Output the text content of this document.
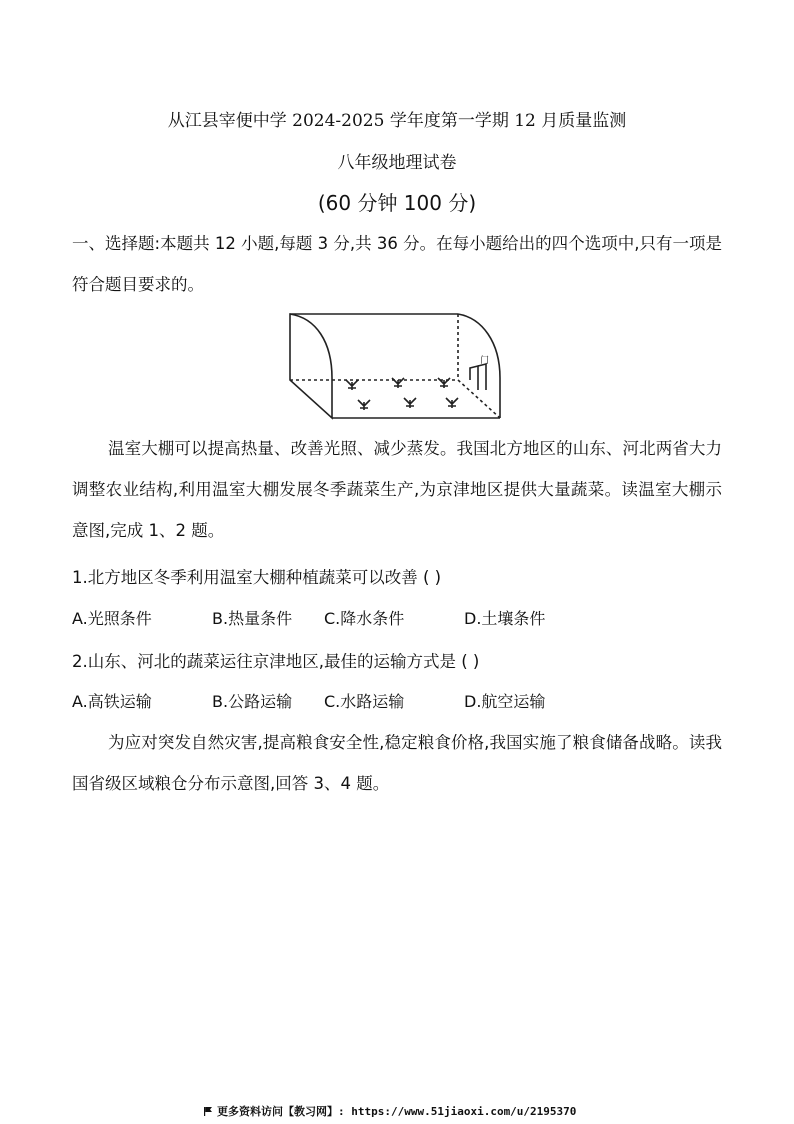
从江县宰便中学 2024-2025 学年度第一学期 12 月质量监测
八年级地理试卷
(60 分钟 100 分)
一、选择题:本题共 12 小题,每题 3 分,共 36 分。在每小题给出的四个选项中,只有一项是符合题目要求的。
门
温室大棚可以提高热量、改善光照、减少蒸发。我国北方地区的山东、河北两省大力调整农业结构,利用温室大棚发展冬季蔬菜生产,为京津地区提供大量蔬菜。读温室大棚示意图,完成 1、2 题。
1.北方地区冬季利用温室大棚种植蔬菜可以改善 ( )
A.光照条件	B.热量条件 C.降水条件	D.土壤条件
2.山东、河北的蔬菜运往京津地区,最佳的运输方式是 ( )
A.高铁运输	B.公路运输 C.水路运输	D.航空运输
为应对突发自然灾害,提高粮食安全性,稳定粮食价格,我国实施了粮食储备战略。读我国省级区域粮仓分布示意图,回答 3、4 题。
更多资料访问【教习网】: https://www.51jiaoxi.com/u/2195370
